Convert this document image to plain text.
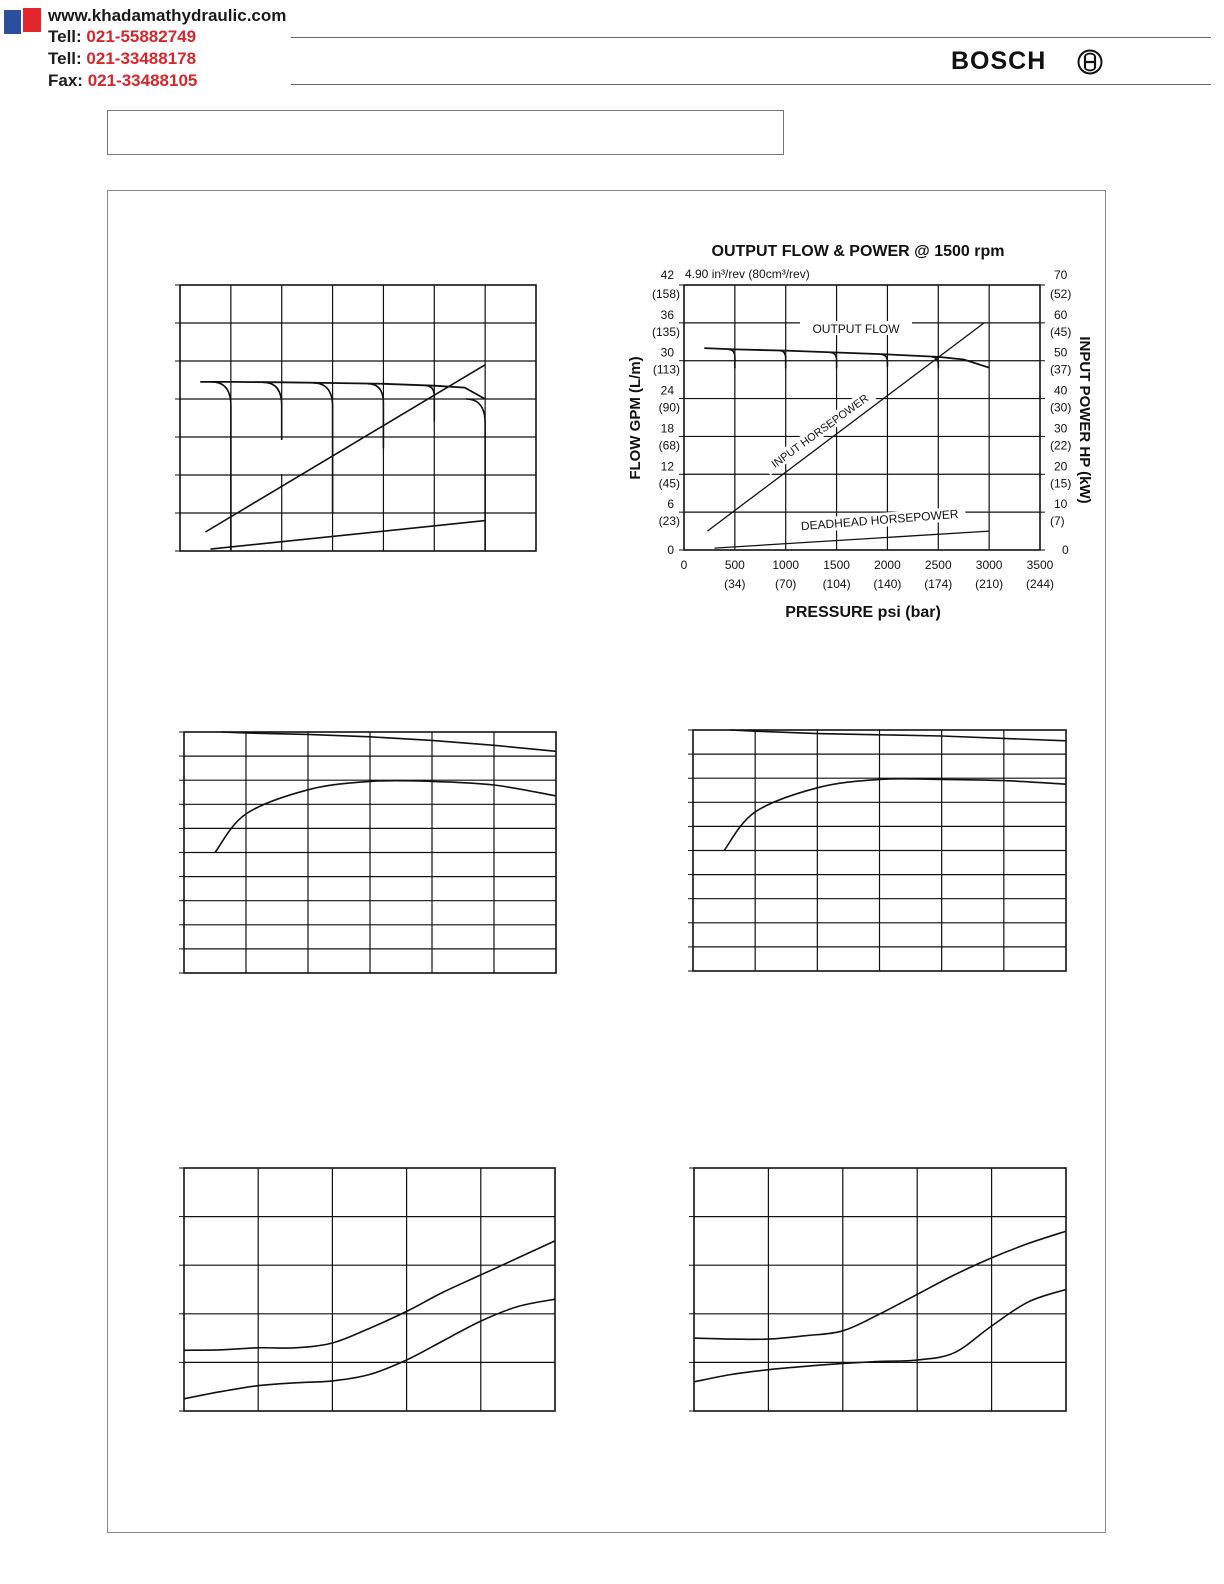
www.khadamathydraulic.com
Tell: 021-55882749
Tell: 021-33488178
Fax: 021-33488105
BOSCH
OUTPUT FLOW & POWER @ 1500 rpm
4.90 in³/rev (80cm³/rev)
0
6
(23)
12
(45)
18
(68)
24
(90)
30
(113)
36
(135)
42
(158)
0
10
(7)
20
(15)
30
(22)
40
(30)
50
(37)
60
(45)
70
(52)
0	500
(34)
1000
(70)
1500
(104)
2000
(140)
2500
(174)
3000
(210)
3500
(244)
PRESSURE psi (bar)
FLOW GPM (L/m)	INPUT POWER HP (kW)
OUTPUT FLOW
INPUT HORSEPOWER
DEADHEAD HORSEPOWER
